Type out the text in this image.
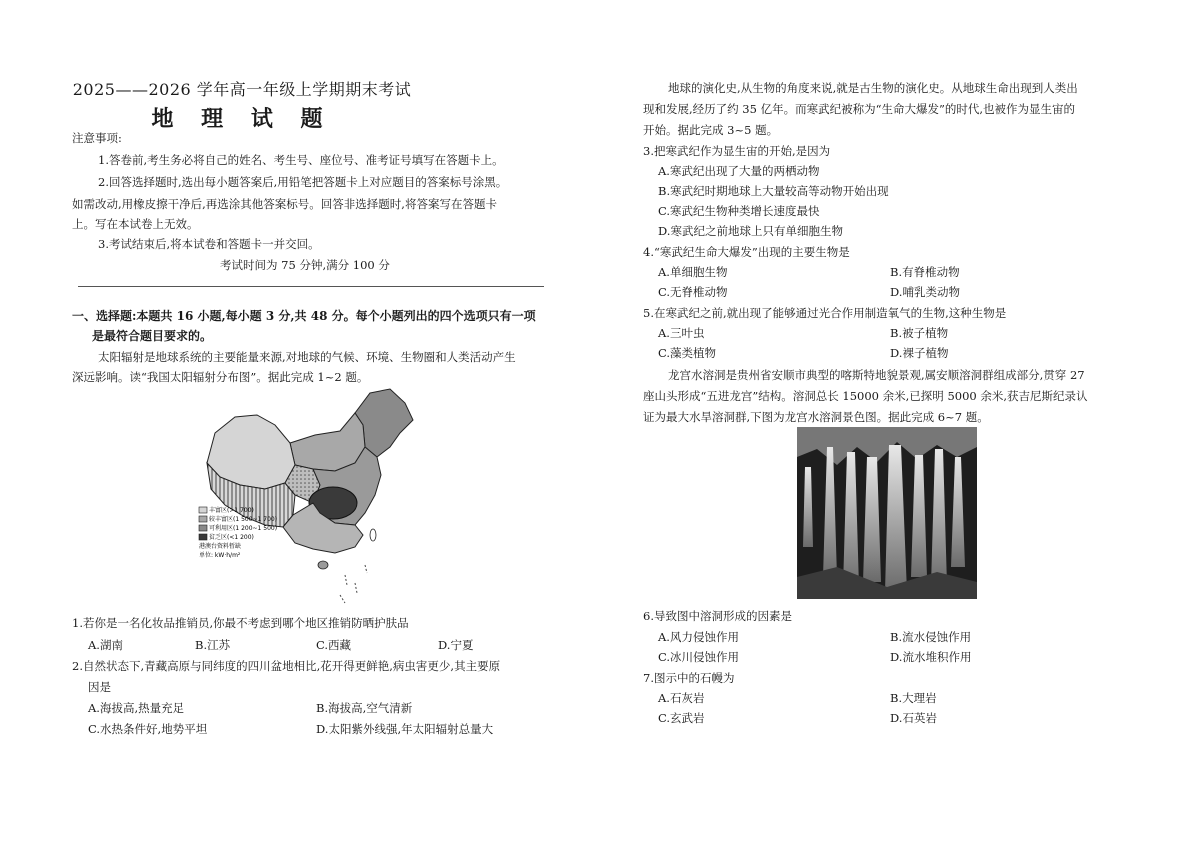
2025——2026 学年高一年级上学期期末考试
地 理 试 题
注意事项:
1.答卷前,考生务必将自己的姓名、考生号、座位号、准考证号填写在答题卡上。
2.回答选择题时,选出每小题答案后,用铅笔把答题卡上对应题目的答案标号涂黑。
如需改动,用橡皮擦干净后,再选涂其他答案标号。回答非选择题时,将答案写在答题卡
上。写在本试卷上无效。
3.考试结束后,将本试卷和答题卡一并交回。
考试时间为 75 分钟,满分 100 分
一、选择题:本题共 16 小题,每小题 3 分,共 48 分。每个小题列出的四个选项只有一项
是最符合题目要求的。
太阳辐射是地球系统的主要能量来源,对地球的气候、环境、生物圈和人类活动产生
深远影响。读“我国太阳辐射分布图”。据此完成 1~2 题。
丰富区(>1 700)
较丰富区(1 500~1 700)
可利用区(1 200~1 500)
贫乏区(<1 200)
港澳台资料暂缺
单位: kW·h/m²
1.若你是一名化妆品推销员,你最不考虑到哪个地区推销防晒护肤品
A.湖南	B.江苏	C.西藏	D.宁夏
2.自然状态下,青藏高原与同纬度的四川盆地相比,花开得更鲜艳,病虫害更少,其主要原
因是
A.海拔高,热量充足	B.海拔高,空气清新
C.水热条件好,地势平坦	D.太阳紫外线强,年太阳辐射总量大
地球的演化史,从生物的角度来说,就是古生物的演化史。从地球生命出现到人类出
现和发展,经历了约 35 亿年。而寒武纪被称为“生命大爆发”的时代,也被作为显生宙的
开始。据此完成 3~5 题。
3.把寒武纪作为显生宙的开始,是因为
A.寒武纪出现了大量的两栖动物
B.寒武纪时期地球上大量较高等动物开始出现
C.寒武纪生物种类增长速度最快
D.寒武纪之前地球上只有单细胞生物
4.“寒武纪生命大爆发”出现的主要生物是
A.单细胞生物	B.有脊椎动物
C.无脊椎动物	D.哺乳类动物
5.在寒武纪之前,就出现了能够通过光合作用制造氧气的生物,这种生物是
A.三叶虫	B.被子植物
C.藻类植物	D.裸子植物
龙宫水溶洞是贵州省安顺市典型的喀斯特地貌景观,属安顺溶洞群组成部分,贯穿 27
座山头形成“五进龙宫”结构。溶洞总长 15000 余米,已探明 5000 余米,获吉尼斯纪录认
证为最大水旱溶洞群,下图为龙宫水溶洞景色图。据此完成 6~7 题。
6.导致图中溶洞形成的因素是
A.风力侵蚀作用	B.流水侵蚀作用
C.冰川侵蚀作用	D.流水堆积作用
7.图示中的石幔为
A.石灰岩	B.大理岩
C.玄武岩	D.石英岩
